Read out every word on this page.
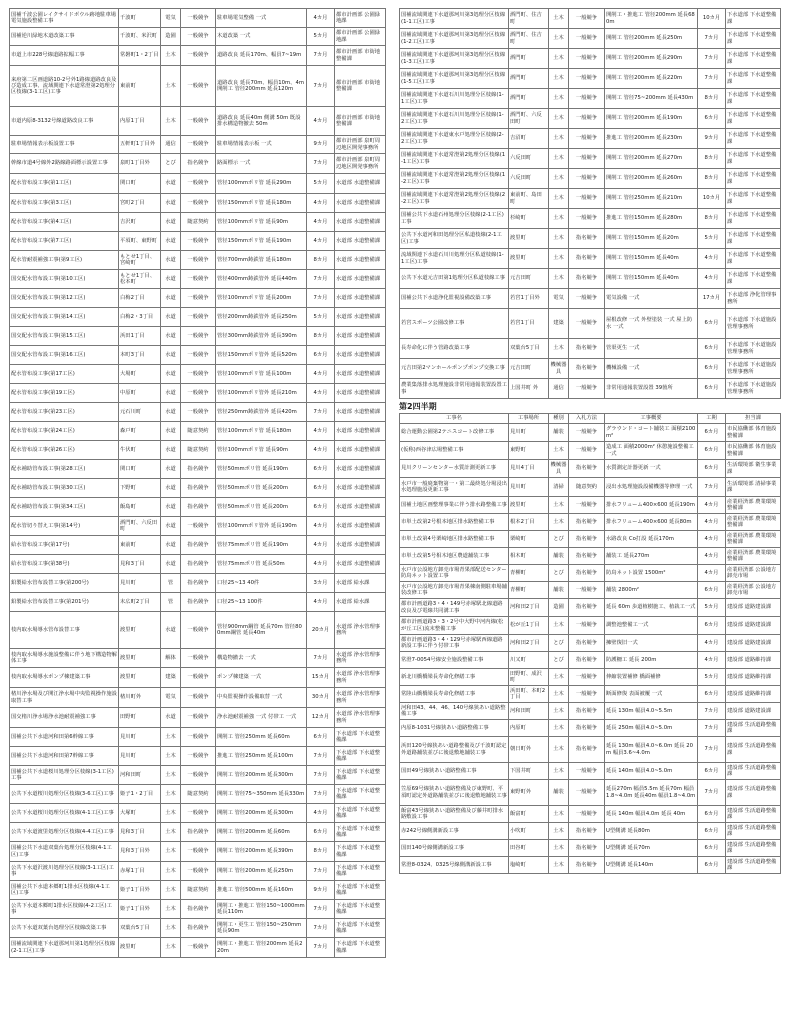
国補千波公園レイクサイドボウル跡地駐車場電気施設整備工事	千波町	電気	一般競争	駐車場電気整備 一式	4カ月	都市計画部 公園緑地課
国補逆川緑地木道改築工事	千波町、米沢町	造園	一般競争	木道改築 一式	5カ月	都市計画部 公園緑地課
市道上市228号線道路拡幅工事	常磐町1・2丁目	土木	一般競争	道路改良 延長170m、幅員7~19m	7カ月	都市計画部 市街地整備課
来府第二区画道路10-2号外1路線道路改良及び造成工事、流域関連下水道常澄第2処理分区枝線(3-1工区)工事	東前町	土木	一般競争	道路改良 延長70m、幅員10m、4m 開削工 管径200mm 延長120m	7カ月	都市計画部 市街地整備課
市道内原8-3132号線道路改良工事	内原1丁目	土木	一般競争	道路改良 延長40m 側溝 50m 既設排水構造物撤去 50m	4カ月	都市計画部 市街地整備課
駐車場情報表示板設置工事	五軒町1丁目外	通信	一般競争	駐車場情報表示板 一式	9カ月	都市計画部 泉町周辺地区開発事務所
幹線市道4号線外2路線路面標示設置工事	泉町1丁目外	とび	指名競争	路面標示 一式	7カ月	都市計画部 泉町周辺地区開発事務所
配水管布設工事(第1工区)	関口町	水道	一般競争	管径100mmポリ管 延長290m	5カ月	水道部 水道整備課
配水管布設工事(第3工区)	宮町2丁目	水道	一般競争	管径150mmポリ管 延長180m	4カ月	水道部 水道整備課
配水管布設工事(第4工区)	吉沢町	水道	随意契約	管径100mmポリ管 延長90m	4カ月	水道部 水道整備課
配水管布設工事(第7工区)	平須町、東野町	水道	一般競争	管径150mmポリ管 延長190m	4カ月	水道部 水道整備課
配水管耐震補強工事(第9工区)	もとせ1丁目、宮崎町	水道	一般競争	管径700mm鋳鉄管 延長180m	8カ月	水道部 水道整備課
国交配水管布設工事(第10工区)	もとせ1丁目、松本町	水道	一般競争	管径400mm鋳鉄管外 延長440m	7カ月	水道部 水道整備課
国交配水管布設工事(第12工区)	白梅2丁目	水道	一般競争	管径100mmポリ管 延長200m	7カ月	水道部 水道整備課
国交配水管布設工事(第14工区)	白梅2・3丁目	水道	一般競争	管径200mm鋳鉄管外 延長250m	5カ月	水道部 水道整備課
国交配水管布設工事(第15工区)	浜田1丁目	水道	一般競争	管径300mm鋳鉄管外 延長390m	8カ月	水道部 水道整備課
国交配水管布設工事(第16工区)	本町3丁目	水道	一般競争	管径150mmポリ管外 延長520m	6カ月	水道部 水道整備課
配水管布設工事(第17工区)	大場町	水道	一般競争	管径100mmポリ管 延長100m	4カ月	水道部 水道整備課
配水管布設工事(第19工区)	中原町	水道	一般競争	管径100mmポリ管外 延長210m	4カ月	水道部 水道整備課
配水管布設工事(第23工区)	元石川町	水道	一般競争	管径250mm鋳鉄管外 延長420m	7カ月	水道部 水道整備課
配水管布設工事(第24工区)	森戸町	水道	随意契約	管径100mmポリ管 延長180m	4カ月	水道部 水道整備課
配水管布設工事(第26工区)	牛伏町	水道	随意契約	管径100mmポリ管 延長90m	4カ月	水道部 水道整備課
配水補助管布設工事(第28工区)	関口町	水道	指名競争	管径50mmポリ管 延長190m	6カ月	水道部 水道整備課
配水補助管布設工事(第30工区)	下野町	水道	指名競争	管径50mmポリ管 延長200m	6カ月	水道部 水道整備課
配水補助管布設工事(第34工区)	飯島町	水道	指名競争	管径50mmポリ管 延長200m	6カ月	水道部 水道整備課
配水管切り替え工事(第14号)	酒門町、六反田町	水道	一般競争	管径100mmポリ管外 延長190m	4カ月	水道部 水道整備課
給水管布設工事(第17号)	東前町	水道	指名競争	管径75mmポリ管 延長190m	4カ月	水道部 水道整備課
給水管布設工事(第38号)	見和3丁目	水道	指名競争	管径75mmポリ管 延長50m	4カ月	水道部 水道整備課
鉛製給水管布設替工事(第200号)	見川町	管	指名競争	口径25~13 40件	3カ月	水道部 給水課
鉛製給水管布設替工事(第201号)	末広町2丁目	管	指名競争	口径25~13 100件	4カ月	水道部 給水課
枝内取水場導水管布設替工事	渡里町	水道	一般競争	管径900mm鋼管 延長70m 管径800mm鋼管 延長40m	20カ月	水道部 浄水管理事務所
枝内取水場導水施設整備に伴う地下構造物解体工事	渡里町	解体	一般競争	構造物撤去 一式	7カ月	水道部 浄水管理事務所
枝内取水場導水ポンプ棟建築工事	渡里町	建築	一般競争	ポンプ棟建築 一式	15カ月	水道部 浄水管理事務所
楮川浄水場及び開江浄水場中央監視操作施設取替工事	楮川町外	電気	一般競争	中央監視操作設備取替 一式	30カ月	水道部 浄水管理事務所
国交楮川浄水場浄水池耐震補強工事	田野町	水道	一般競争	浄水池耐震補強 一式 付帯工 一式	12カ月	水道部 浄水管理事務所
国補公共下水道河和田第6幹線工事	見川町	土木	一般競争	開削工 管径250mm 延長60m	6カ月	下水道部 下水道整備課
国補公共下水道河和田第7幹線工事	見川町	土木	一般競争	推進工 管径250mm 延長100m	7カ月	下水道部 下水道整備課
国補公共下水道桜川処理分区枝線(3-1工区)工事	河和田町	土木	一般競争	開削工 管径200mm 延長300m	7カ月	下水道部 下水道整備課
公共下水道桜川処理分区枝線(3-6工区)工事	姫子1・2丁目	土木	随意契約	開削工 管径75~350mm 延長330m	7カ月	下水道部 下水道整備課
公共下水道桜川処理分区枝線(4-1工区)工事	大塚町	土木	一般競争	開削工 管径200mm 延長300m	4カ月	下水道部 下水道整備課
公共下水道渡里処理分区枝線(4-4工区)工事	見和3丁目	土木	指名競争	開削工 管径200mm 延長60m	6カ月	下水道部 下水道整備課
国補公共下水道双葉台処理分区枝線(4-1工区)工事	見和3丁目外	土木	一般競争	開削工 管径200mm 延長390m	8カ月	下水道部 下水道整備課
公共下水道沢渡川処理分区枝線(3-1工区)工事	赤塚1丁目	土木	一般競争	開削工 管径200mm 延長250m	7カ月	下水道部 下水道整備課
国補公共下水道本郷町1排水区枝線(4-1工区)工事	姫子1丁目外	土木	随意契約	推進工 管径500mm 延長160m	9カ月	下水道部 下水道整備課
公共下水道本郷町1排水区枝線(4-2工区)工事	姫子1丁目外	土木	指名競争	開削工・推進工 管径150~1000mm 延長110m	7カ月	下水道部 下水道整備課
公共下水道双葉台処理分区枝線改築工事	双葉台5丁目	土木	指名競争	開削工・更生工 管径150~250mm 延長90m	7カ月	下水道部 下水道整備課
国補流域関連下水道那珂川第1処理分区枝線(2-1工区)工事	渡里町	土木	一般競争	開削工・推進工 管径200mm 延長220m	7カ月	下水道部 下水道整備課
国補流域関連下水道那珂川第3処理分区枝線(1-1工区)工事	酒門町、住吉町	土木	一般競争	開削工・推進工 管径200mm 延長680m	10カ月	下水道部 下水道整備課
国補流域関連下水道那珂川第3処理分区枝線(1-2工区)工事	酒門町、住吉町	土木	一般競争	開削工 管径200mm 延長250m	7カ月	下水道部 下水道整備課
国補流域関連下水道那珂川第3処理分区枝線(1-3工区)工事	酒門町	土木	一般競争	開削工 管径200mm 延長290m	7カ月	下水道部 下水道整備課
国補流域関連下水道那珂川第3処理分区枝線(1-5工区)工事	酒門町	土木	一般競争	開削工 管径200mm 延長220m	7カ月	下水道部 下水道整備課
国補流域関連下水道石川川処理分区枝線(1-1工区)工事	酒門町	土木	一般競争	開削工 管径75~200mm 延長430m	8カ月	下水道部 下水道整備課
国補流域関連下水道石川川処理分区枝線(1-2工区)工事	酒門町、六反田町	土木	一般競争	開削工 管径200mm 延長190m	6カ月	下水道部 下水道整備課
国補流域関連下水道東水戸処理分区枝線(2-2工区)工事	吉沼町	土木	一般競争	推進工 管径200mm 延長230m	9カ月	下水道部 下水道整備課
国補流域関連下水道常澄第2処理分区枝線(1-1工区)工事	六反田町	土木	一般競争	開削工 管径200mm 延長270m	8カ月	下水道部 下水道整備課
国補流域関連下水道常澄第2処理分区枝線(1-2工区)工事	六反田町	土木	一般競争	開削工 管径200mm 延長260m	8カ月	下水道部 下水道整備課
国補流域関連下水道常澄第2処理分区枝線(2-2工区)工事	東前町、島田町	土木	一般競争	開削工 管径250mm 延長210m	10カ月	下水道部 下水道整備課
国補公共下水道石州処理分区枝線(2-1工区)工事	杉崎町	土木	一般競争	推進工 管径150mm 延長280m	8カ月	下水道部 下水道整備課
公共下水道河和田処理分区私道枝線(2-1工区)工事	渡里町	土木	指名競争	開削工 管径150mm 延長20m	5カ月	下水道部 下水道整備課
流域関連下水道石川川処理分区私道枝線(1-1工区)工事	渡里町	土木	指名競争	開削工 管径150mm 延長40m	4カ月	下水道部 下水道整備課
公共下水道元吉田第1処理分区私道枝線工事	元吉田町	土木	指名競争	開削工 管径150mm 延長40m	4カ月	下水道部 下水道整備課
国補公共下水道浄化監視設備改築工事	若宮1丁目外	電気	一般競争	電気設備 一式	17カ月	下水道部 浄化管理事務所
若宮スポーツ公園改修工事	若宮1丁目	建築	一般競争	屋根改修 一式 外壁塗装 一式 屋上防水 一式	6カ月	下水道部 下水道施設管理事務所
長寿命化に伴う管路改築工事	双葉台5丁目	土木	指名競争	管渠更生 一式	6カ月	下水道部 下水道施設管理事務所
元吉田第2マンホールポンプポンプ交換工事	元吉田町	機械器具	指名競争	機械設備 一式	6カ月	下水道部 下水道施設管理事務所
農業集落排水処理施設非常用通報装置設置工事	上国井町 外	通信	一般競争	非常用通報装置設置 39箇所	6カ月	下水道部 下水道施設管理事務所
第2四半期
工事名	工事場所	種別	入札方法	工事概要	工期	担当課
総合運動公園第2テニスコート改修工事	見川町	舗装	一般競争	グラウンド・コート舗装工 面積2100m²	6カ月	市民協働部 体育施設整備課
(仮称)西谷津広場整備工事	東野町	土木	一般競争	造成工 面積2000m² 休憩施設整備工 一式	6カ月	市民協働部 体育施設整備課
見川クリーンセンター水質計測更新工事	見川4丁目	機械器具	指名競争	水質測定計器更新 一式	6カ月	生活環境部 衛生事業課
水戸市一般廃棄物第一・第二最終処分場浸出水処理施設更新工事	見川町	清掃	随意契約	浸出水処理施設設備機器等修理 一式	7カ月	生活環境部 清掃事業課
国補土地区画整理事業に伴う排水路整備工事	渡里町	土木	一般競争	排水フリューム400×600 延長190m	4カ月	産業経済部 農業環境整備課
市単土改第2号根本地区排水路整備工事	根本2丁目	土木	指名競争	排水フリューム400×600 延長80m	4カ月	産業経済部 農業環境整備課
市単土改第4号栗崎地区排水路整備工事	栗崎町	とび	指名競争	水路改良 Co打設 延長170m	4カ月	産業経済部 農業環境整備課
市単土改第5号相木地区農道舗装工事	相木町	舗装	指名競争	舗装工 延長270m	4カ月	産業経済部 農業環境整備課
水戸市公設地方卸売市場青果部配送センター防鳥ネット設置工事	青柳町	とび	指名競争	防鳥ネット設置 1500m²	4カ月	産業経済部 公設地方卸売市場
水戸市公設地方卸売市場青果棟南側駐車場舗装改修工事	青柳町	舗装	一般競争	舗装 2800m²	6カ月	産業経済部 公設地方卸売市場
都市計画道路3・4・149号赤塚駅北線道路改良及び電線共同溝工事	河和田2丁目	造園	指名競争	延長 60m 歩道植樹施工、植栽工一式	5カ月	建設部 道路建設課
都市計画道路3・3・2号中大野中河内線(松が丘工区)流末整備工事	松が丘1丁目	土木	一般競争	調整池整備工一式	6カ月	建設部 道路建設課
都市計画道路3・4・129号赤塚駅西線道路新設工事に伴う付帯工事	河和田2丁目	とび	指名競争	擁壁復旧一式	4カ月	建設部 道路建設課
常澄7-0054号線安全施設整備工事	川又町	とび	指名競争	防護柵工 延長 200m	4カ月	建設部 道路維持課
新北川橋橋梁長寿命化修繕工事	田野町、成沢町	土木	一般競争	伸縮装置補修 橋面補修	5カ月	建設部 道路維持課
常陸山橋橋梁長寿命化修繕工事	浜田町、本町2丁目	土木	一般競争	断面修復 表面被覆 一式	6カ月	建設部 道路維持課
河和田43、44、46、140号線狭あい道路整備工事	河和田町	土木	指名競争	延長 130m 幅員4.0~5.5m	7カ月	建設部 道路建設課
内原8-1031号線狭あい道路整備工事	内原町	土木	指名競争	延長 250m 幅員4.0~5.0m	7カ月	建設部 生活道路整備課
浜田120号線狭あい道路整備及び千波町認定外道路舗装並びに後退敷地舗装工事	朝日町外	土木	指名競争	延長 130m 幅員4.0~6.0m 延長 20m 幅員3.6~4.0m	7カ月	建設部 生活道路整備課
国田49号線狭あい道路整備工事	下国井町	土木	一般競争	延長 140m 幅員4.0~5.0m	6カ月	建設部 生活道路整備課
笠原69号線狭あい道路整備及び東野町、平須町認定外道路舗装並びに後退敷地舗装工事	東野町外	舗装	一般競争	延長270m 幅員5.5m 延長70m 幅員1.8~4.0m 延長40m 幅員1.8~4.0m	7カ月	建設部 生活道路整備課
飯富43号線狭あい道路整備及び藤井町排水路敷設工事	飯富町	土木	一般競争	延長 140m 幅員4.0m 延長 40m	6カ月	建設部 生活道路整備課
赤242号線側溝新設工事	小吹町	土木	指名競争	U型側溝 延長80m	6カ月	建設部 生活道路整備課
国田140号線側溝新設工事	田谷町	土木	指名競争	U型側溝 延長70m	6カ月	建設部 生活道路整備課
常澄8-0324、0325号線側溝新設工事	塩崎町	土木	指名競争	U型側溝 延長140m	6カ月	建設部 生活道路整備課
